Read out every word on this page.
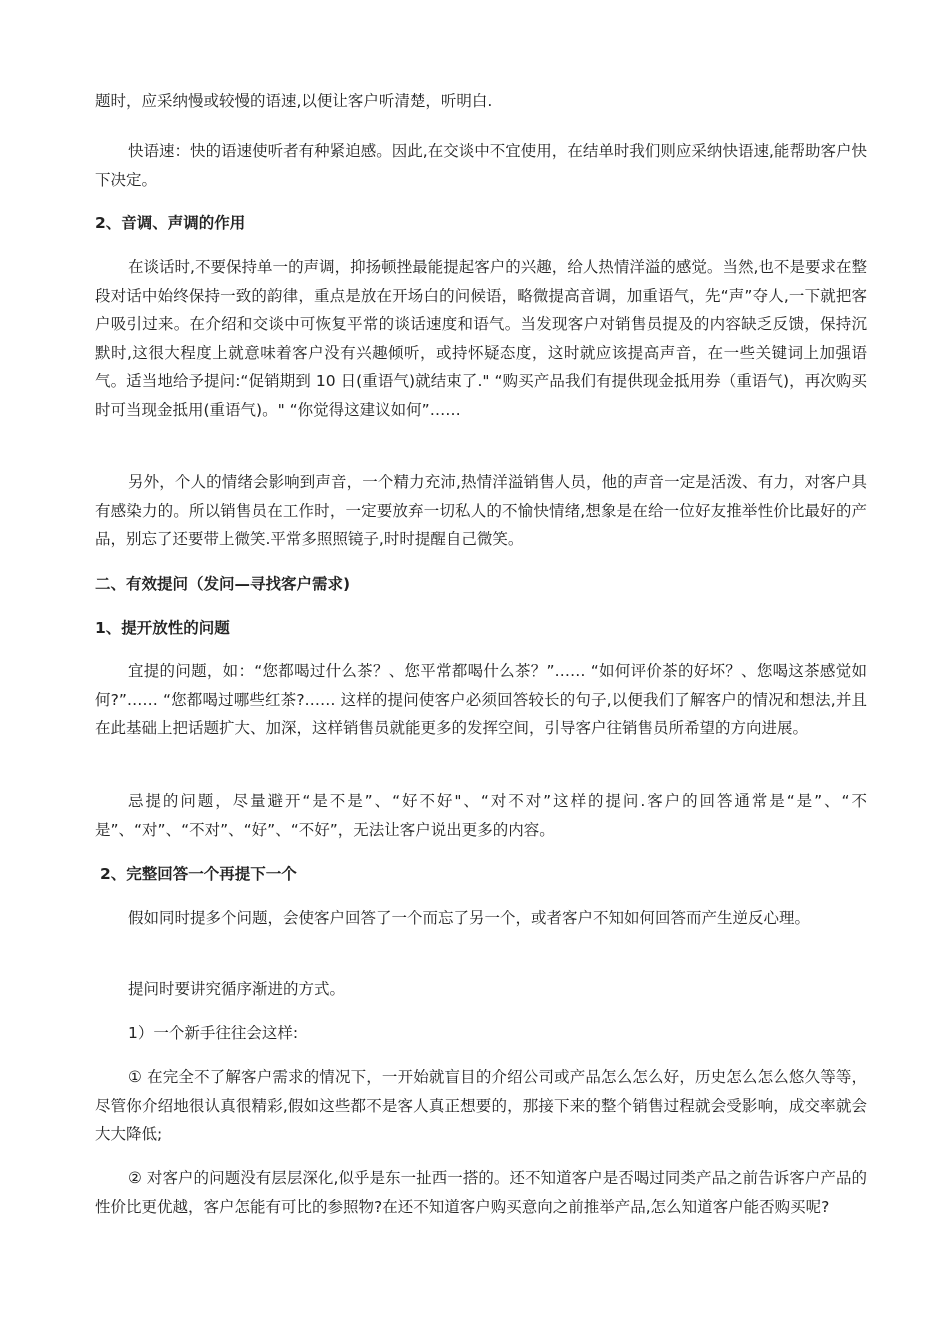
题时，应采纳慢或较慢的语速,以便让客户听清楚，听明白.

快语速：快的语速使听者有种紧迫感。因此,在交谈中不宜使用，在结单时我们则应采纳快语速,能帮助客户快下决定。

2、音调、声调的作用

在谈话时,不要保持单一的声调，抑扬顿挫最能提起客户的兴趣，给人热情洋溢的感觉。当然,也不是要求在整段对话中始终保持一致的韵律，重点是放在开场白的问候语，略微提高音调，加重语气，先“声”夺人,一下就把客户吸引过来。在介绍和交谈中可恢复平常的谈话速度和语气。当发现客户对销售员提及的内容缺乏反馈，保持沉默时,这很大程度上就意味着客户没有兴趣倾听，或持怀疑态度，这时就应该提高声音，在一些关键词上加强语气。适当地给予提问:“促销期到 10 日(重语气)就结束了." “购买产品我们有提供现金抵用券（重语气)，再次购买时可当现金抵用(重语气)。" “你觉得这建议如何”……

另外，个人的情绪会影响到声音，一个精力充沛,热情洋溢销售人员，他的声音一定是活泼、有力，对客户具有感染力的。所以销售员在工作时，一定要放弃一切私人的不愉快情绪,想象是在给一位好友推举性价比最好的产品，别忘了还要带上微笑.平常多照照镜子,时时提醒自己微笑。

二、有效提问（发问—寻找客户需求)
1、提开放性的问题

宜提的问题，如：“您都喝过什么茶？、您平常都喝什么茶？”…… “如何评价茶的好坏？、您喝这茶感觉如何?”…… “您都喝过哪些红茶?…… 这样的提问使客户必须回答较长的句子,以便我们了解客户的情况和想法,并且在此基础上把话题扩大、加深，这样销售员就能更多的发挥空间，引导客户往销售员所希望的方向进展。

忌提的问题，尽量避开“是不是”、“好不好"、“对不对”这样的提问.客户的回答通常是“是”、“不是”、“对”、“不对”、“好”、“不好”，无法让客户说出更多的内容。

2、完整回答一个再提下一个

假如同时提多个问题，会使客户回答了一个而忘了另一个，或者客户不知如何回答而产生逆反心理。

提问时要讲究循序渐进的方式。

1）一个新手往往会这样:

① 在完全不了解客户需求的情况下，一开始就盲目的介绍公司或产品怎么怎么好，历史怎么怎么悠久等等，尽管你介绍地很认真很精彩,假如这些都不是客人真正想要的，那接下来的整个销售过程就会受影响，成交率就会大大降低;

② 对客户的问题没有层层深化,似乎是东一扯西一搭的。还不知道客户是否喝过同类产品之前告诉客户产品的性价比更优越，客户怎能有可比的参照物?在还不知道客户购买意向之前推举产品,怎么知道客户能否购买呢?
